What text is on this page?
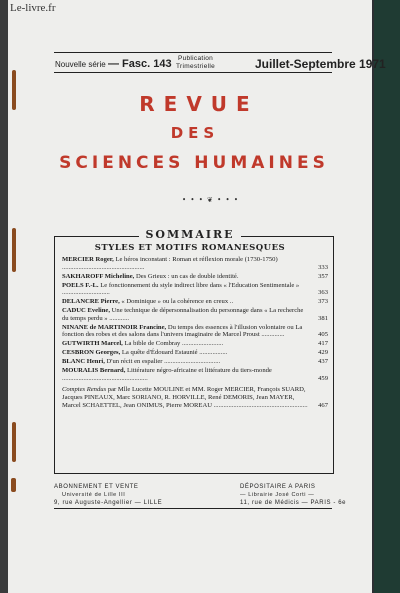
Le-livre.fr
Nouvelle série — Fasc. 143 Publication
Trimestrielle	Juillet-Septembre 1971
REVUE
DES
SCIENCES HUMAINES
• • • ❦ • • •
SOMMAIRE
STYLES ET MOTIFS ROMANESQUES
MERCIER Roger, Le héros inconstant : Roman et réflexion morale (1730-1750) ..................................................	333
SAKHAROFF Micheline, Des Grieux : un cas de double identité.	357
POELS F.-L. Le fonctionnement du style indirect libre dans « l'Education Sentimentale » .............................	363
DELANCRE Pierre, « Dominique » ou la cohérence en creux ..	373
CADUC Eveline, Une technique de dépersonnalisation du personnage dans « La recherche du temps perdu » ............	381
NINANE de MARTINOIR Francine, Du temps des essences à l'illusion volontaire ou La fonction des robes et des salons dans l'univers imaginaire de Marcel Proust ..............	405
GUTWIRTH Marcel, La bible de Combray .........................	417
CESBRON Georges, La quête d'Édouard Estaunié .................	429
BLANC Henri, D'un récit en espalier ..................................	437
MOURALIS Bernard, Littérature négro-africaine et littérature du tiers-monde ....................................................	459
Comptes Rendus par Mlle Lucette MOULINE et MM. Roger MERCIER, François SUARD, Jacques PINEAUX, Marc SORIANO, R. HORVILLE, René DEMORIS, Jean MAYER, Marcel SCHAETTEL, Jean ONIMUS, Pierre MOREAU ......................................................... 467
ABONNEMENT ET VENTE
Université de Lille III
9, rue Auguste-Angellier — LILLE
DÉPOSITAIRE A PARIS
— Librairie José Corti —
11, rue de Médicis — PARIS - 6e
